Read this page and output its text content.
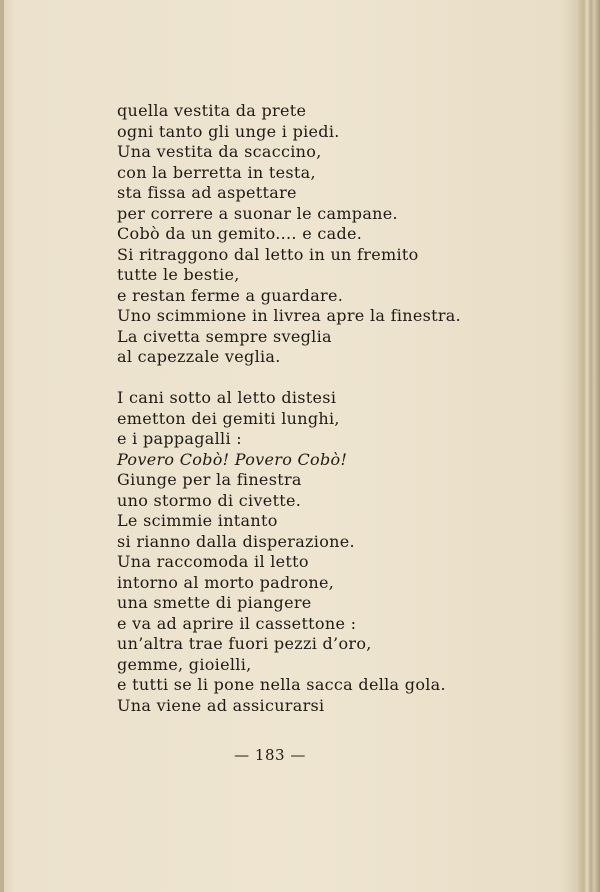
quella vestita da prete
ogni tanto gli unge i piedi.
Una vestita da scaccino,
con la berretta in testa,
sta fissa ad aspettare
per correre a suonar le campane.
Cobò da un gemito.... e cade.
Si ritraggono dal letto in un fremito
tutte le bestie,
e restan ferme a guardare.
Uno scimmione in livrea apre la finestra.
La civetta sempre sveglia
al capezzale veglia.
I cani sotto al letto distesi
emetton dei gemiti lunghi,
e i pappagalli :
Povero Cobò! Povero Cobò!
Giunge per la finestra
uno stormo di civette.
Le scimmie intanto
si rianno dalla disperazione.
Una raccomoda il letto
intorno al morto padrone,
una smette di piangere
e va ad aprire il cassettone :
un’altra trae fuori pezzi d’oro,
gemme, gioielli,
e tutti se li pone nella sacca della gola.
Una viene ad assicurarsi
— 183 —
